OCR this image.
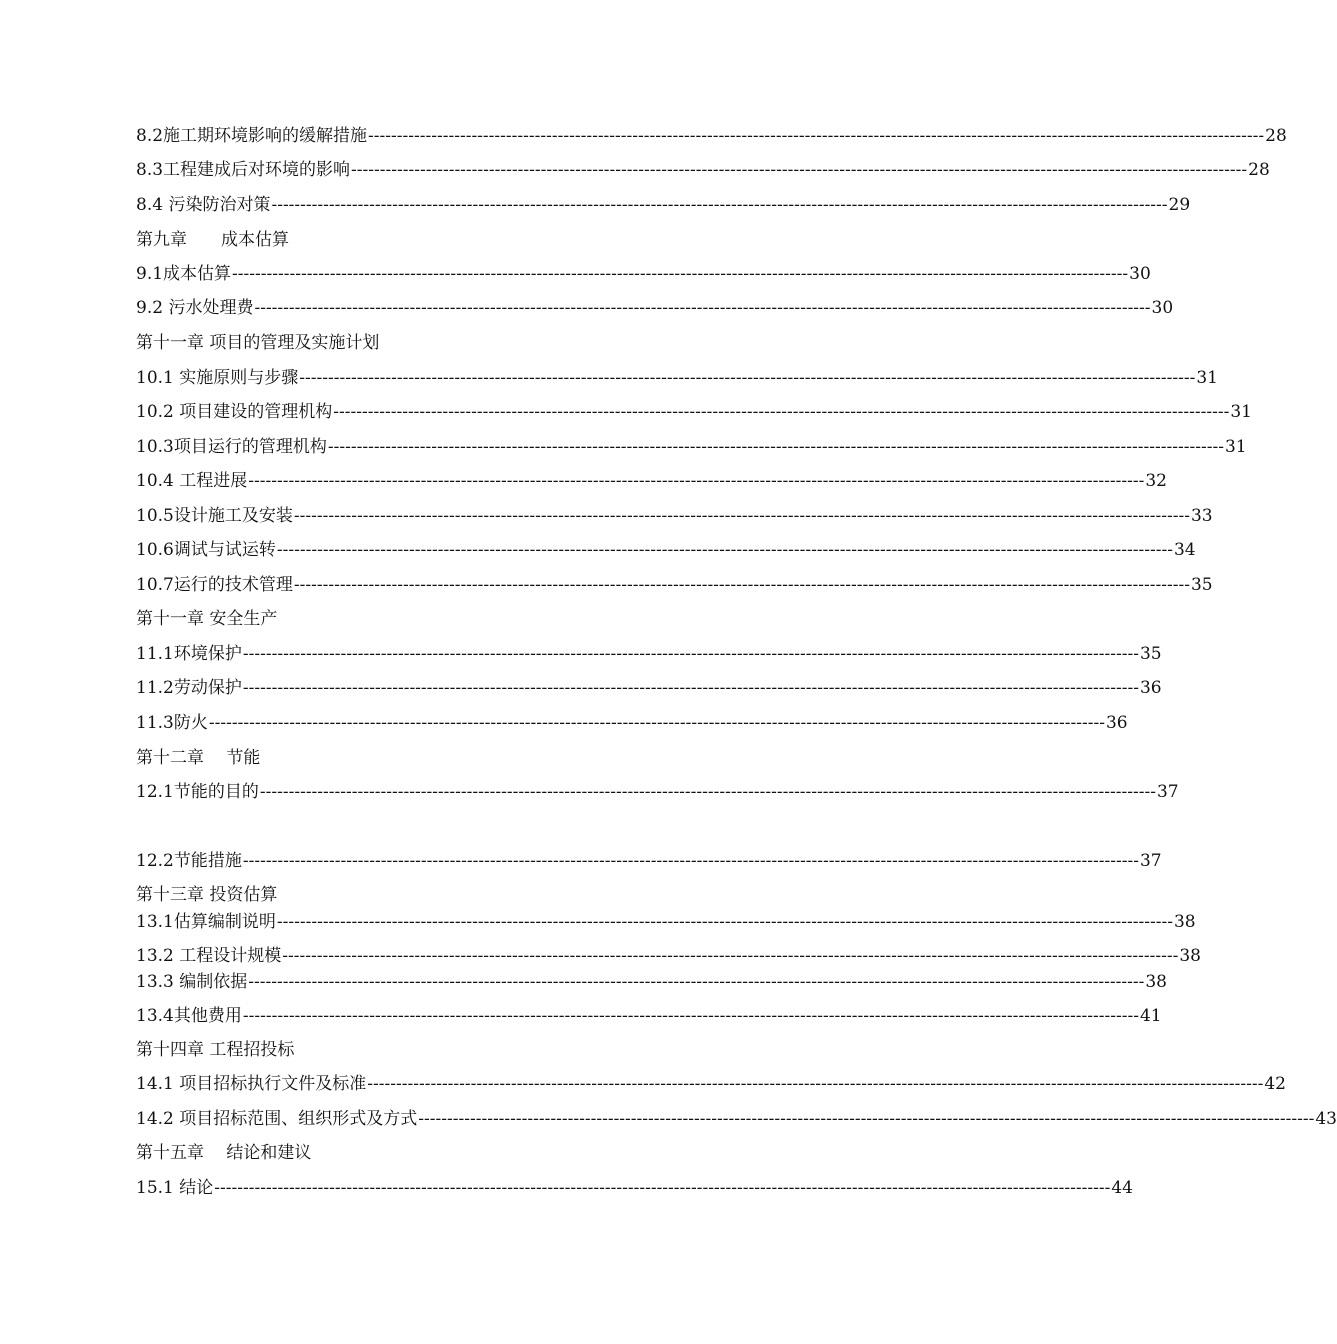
8.2施工期环境影响的缓解措施 ------------------------------------------------------------------------------------------------------------------------------------------------------------ 28
8.3工程建成后对环境的影响 ------------------------------------------------------------------------------------------------------------------------------------------------------------ 28
8.4 污染防治对策 ------------------------------------------------------------------------------------------------------------------------------------------------------------ 29
第九章　　成本估算
9.1成本估算 ------------------------------------------------------------------------------------------------------------------------------------------------------------ 30
9.2 污水处理费 ------------------------------------------------------------------------------------------------------------------------------------------------------------ 30
第十一章 项目的管理及实施计划
10.1 实施原则与步骤 ------------------------------------------------------------------------------------------------------------------------------------------------------------ 31
10.2 项目建设的管理机构 ------------------------------------------------------------------------------------------------------------------------------------------------------------ 31
10.3项目运行的管理机构 ------------------------------------------------------------------------------------------------------------------------------------------------------------ 31
10.4 工程进展 ------------------------------------------------------------------------------------------------------------------------------------------------------------ 32
10.5设计施工及安装 ------------------------------------------------------------------------------------------------------------------------------------------------------------ 33
10.6调试与试运转 ------------------------------------------------------------------------------------------------------------------------------------------------------------ 34
10.7运行的技术管理 ------------------------------------------------------------------------------------------------------------------------------------------------------------ 35
第十一章 安全生产
11.1环境保护 ------------------------------------------------------------------------------------------------------------------------------------------------------------ 35
11.2劳动保护 ------------------------------------------------------------------------------------------------------------------------------------------------------------ 36
11.3防火 ------------------------------------------------------------------------------------------------------------------------------------------------------------ 36
第十二章　 节能
12.1节能的目的 ------------------------------------------------------------------------------------------------------------------------------------------------------------ 37
12.2节能措施 ------------------------------------------------------------------------------------------------------------------------------------------------------------ 37
第十三章 投资估算
13.1估算编制说明 ------------------------------------------------------------------------------------------------------------------------------------------------------------ 38
13.2 工程设计规模 ------------------------------------------------------------------------------------------------------------------------------------------------------------ 38
13.3 编制依据 ------------------------------------------------------------------------------------------------------------------------------------------------------------ 38
13.4其他费用 ------------------------------------------------------------------------------------------------------------------------------------------------------------ 41
第十四章 工程招投标
14.1 项目招标执行文件及标准 ------------------------------------------------------------------------------------------------------------------------------------------------------------ 42
14.2 项目招标范围、组织形式及方式 ------------------------------------------------------------------------------------------------------------------------------------------------------------ 43
第十五章　 结论和建议
15.1 结论 ------------------------------------------------------------------------------------------------------------------------------------------------------------ 44
